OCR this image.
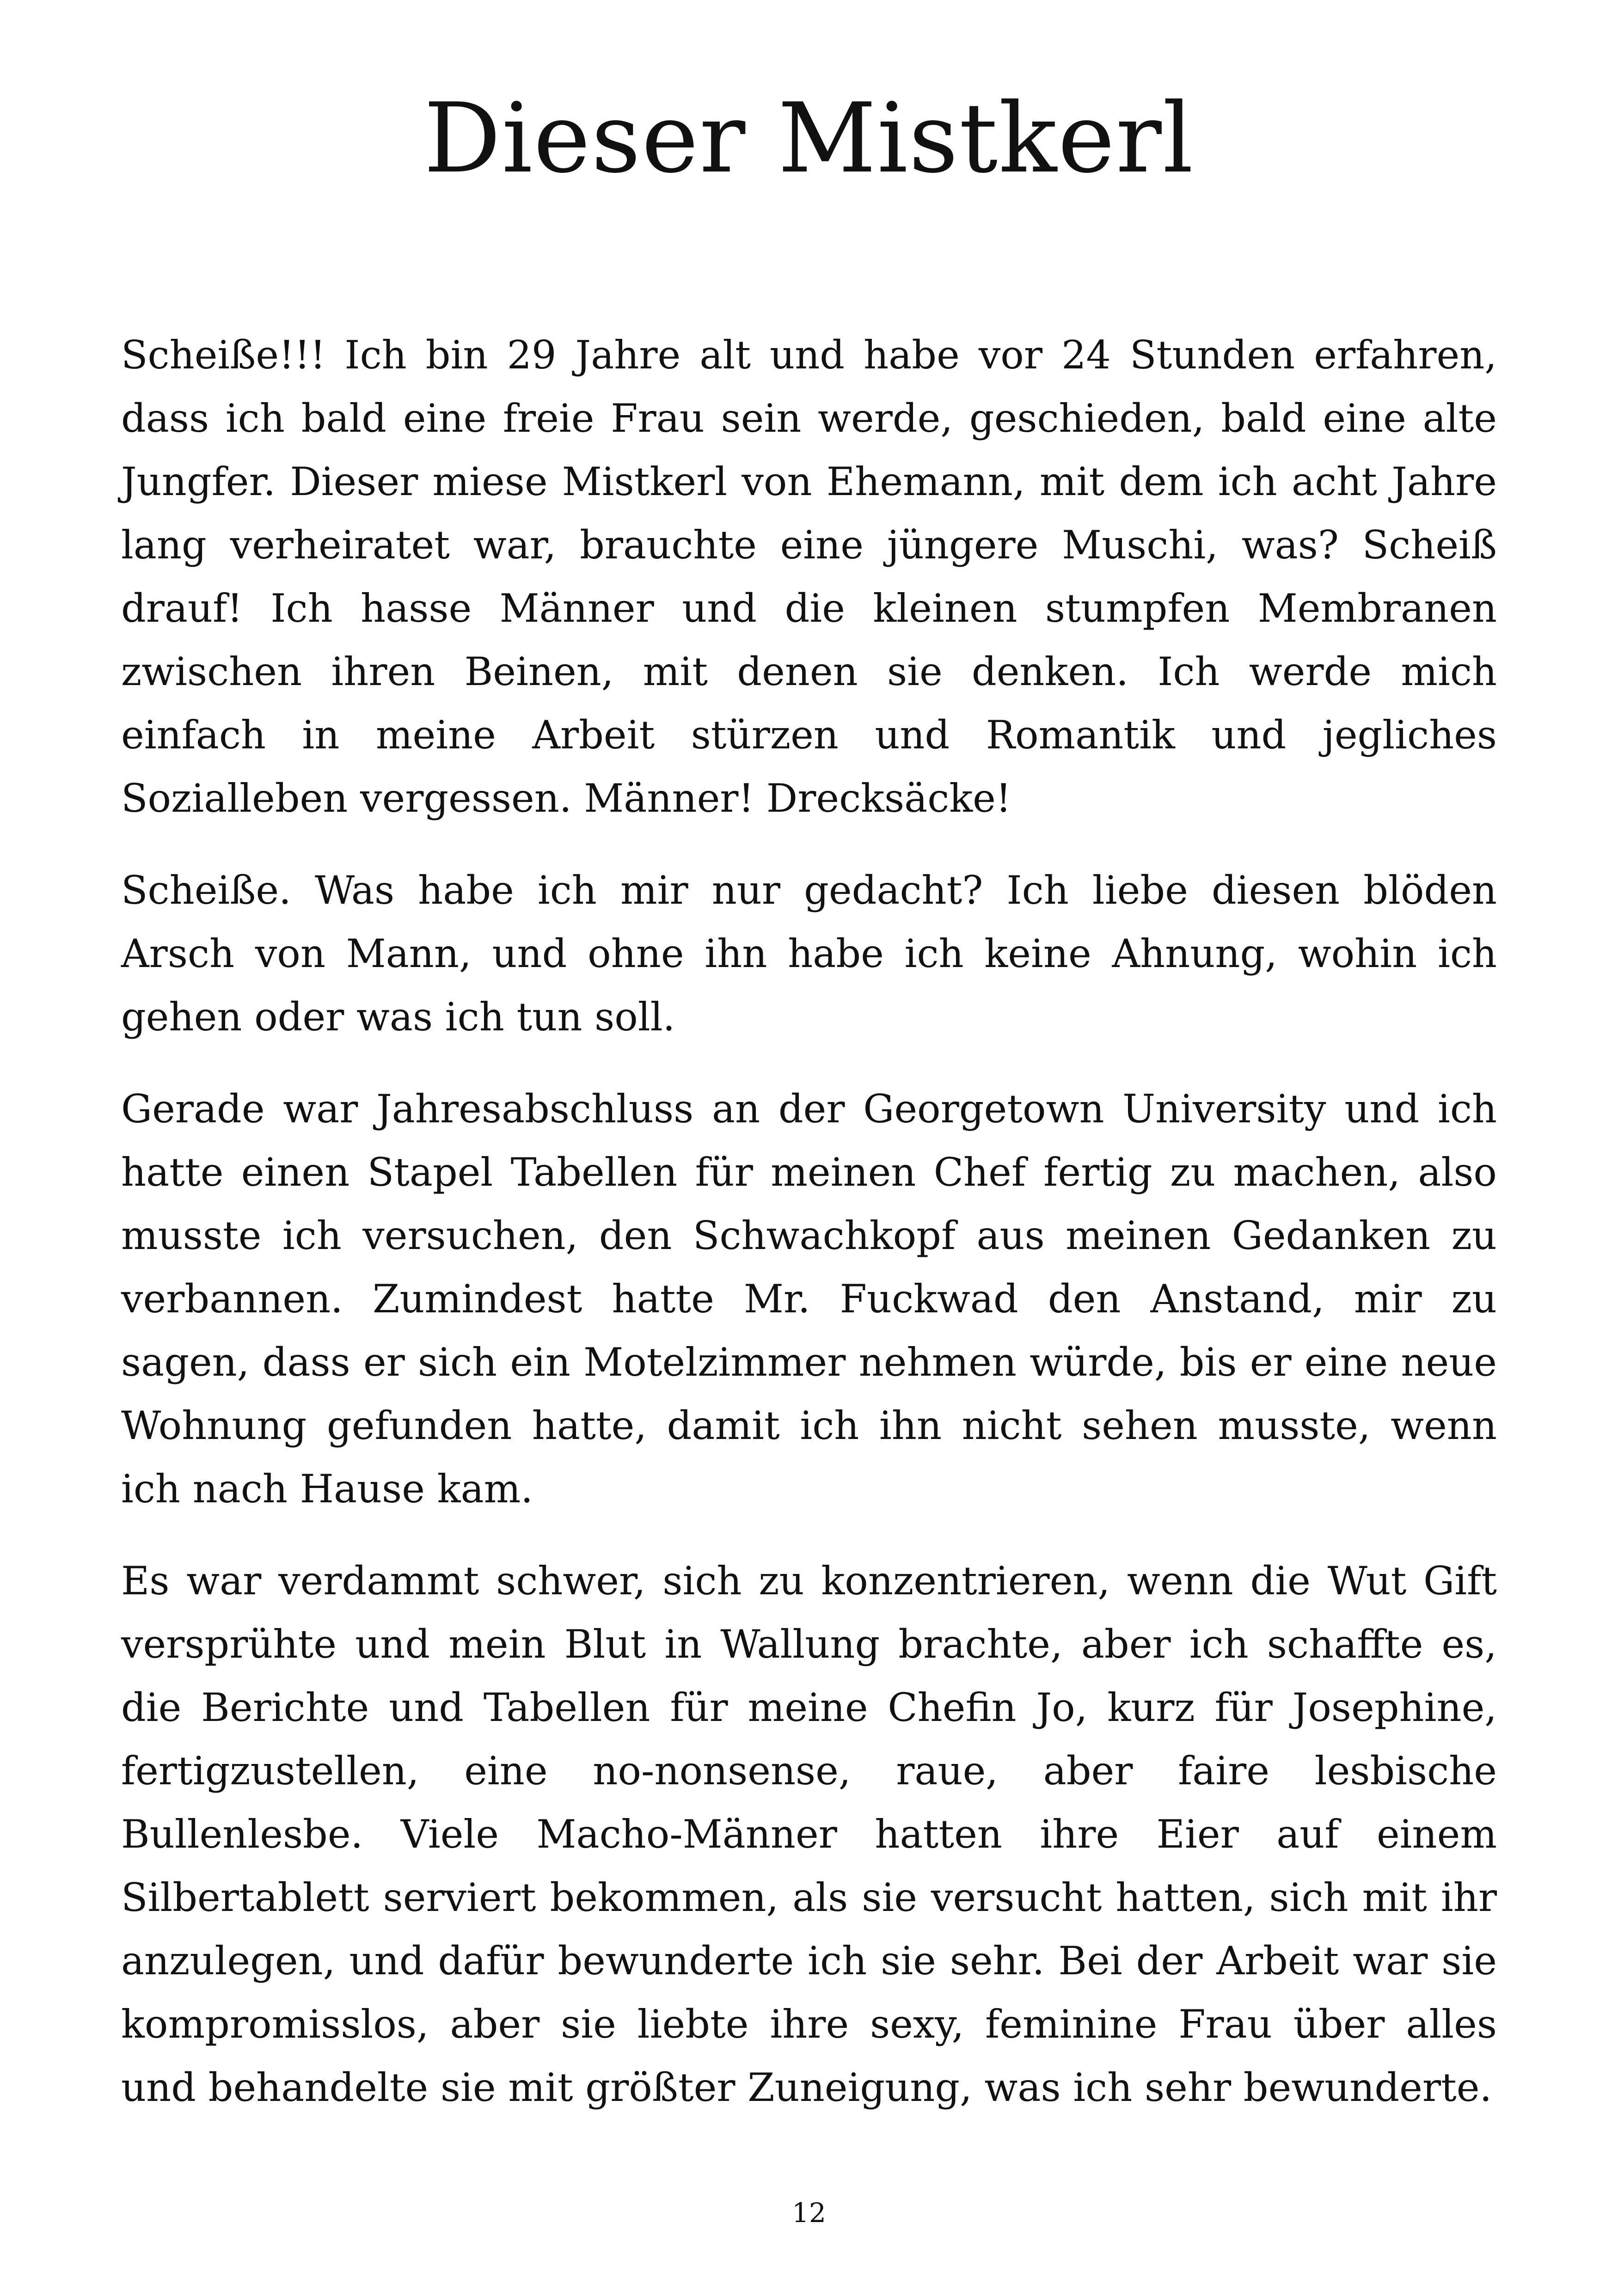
Dieser Mistkerl

Scheiße!!! Ich bin 29 Jahre alt und habe vor 24 Stunden erfahren, dass ich bald eine freie Frau sein werde, geschieden, bald eine alte Jungfer. Dieser miese Mistkerl von Ehemann, mit dem ich acht Jahre lang verheiratet war, brauchte eine jüngere Muschi, was? Scheiß drauf! Ich hasse Männer und die kleinen stumpfen Membranen zwischen ihren Beinen, mit denen sie denken. Ich werde mich einfach in meine Arbeit stürzen und Romantik und jegliches Sozialleben vergessen. Männer! Drecksäcke!

Scheiße. Was habe ich mir nur gedacht? Ich liebe diesen blöden Arsch von Mann, und ohne ihn habe ich keine Ahnung, wohin ich gehen oder was ich tun soll.

Gerade war Jahresabschluss an der Georgetown University und ich hatte einen Stapel Tabellen für meinen Chef fertig zu machen, also musste ich versuchen, den Schwachkopf aus meinen Gedanken zu verbannen. Zumindest hatte Mr. Fuckwad den Anstand, mir zu sagen, dass er sich ein Motelzimmer nehmen würde, bis er eine neue Wohnung gefunden hatte, damit ich ihn nicht sehen musste, wenn ich nach Hause kam.

Es war verdammt schwer, sich zu konzentrieren, wenn die Wut Gift versprühte und mein Blut in Wallung brachte, aber ich schaffte es, die Berichte und Tabellen für meine Chefin Jo, kurz für Josephine, fertigzustellen, eine no-nonsense, raue, aber faire lesbische Bullenlesbe. Viele Macho-Männer hatten ihre Eier auf einem Silbertablett serviert bekommen, als sie versucht hatten, sich mit ihr anzulegen, und dafür bewunderte ich sie sehr. Bei der Arbeit war sie kompromisslos, aber sie liebte ihre sexy, feminine Frau über alles und behandelte sie mit größter Zuneigung, was ich sehr bewunderte.

12
